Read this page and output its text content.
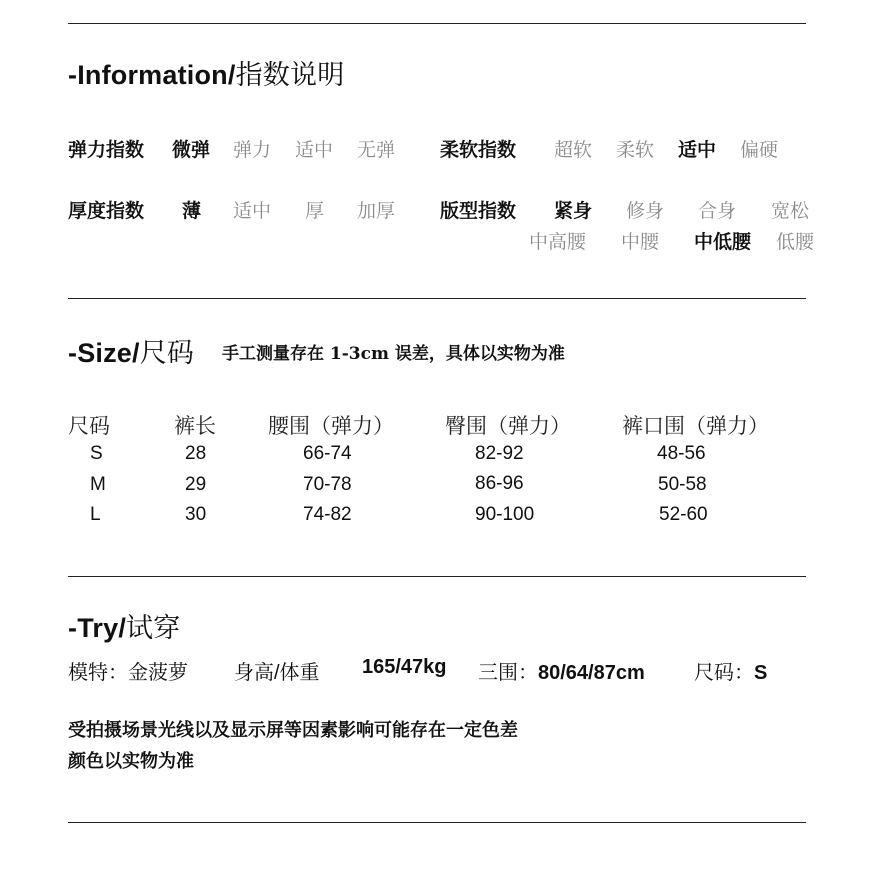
-Information/指数说明
弹力指数 微弹 弹力 适中 无弹 柔软指数 超软 柔软 适中 偏硬
厚度指数 薄 适中 厚 加厚 版型指数 紧身 修身 合身 宽松
中高腰 中腰 中低腰 低腰
-Size/尺码 手工测量存在 1-3cm 误差，具体以实物为准
尺码	裤长 腰围（弹力） 臀围（弹力） 裤口围（弹力）
S	28	66-74	82-92	48-56
M	29	70-78	86-96	50-58
L	30	74-82	90-100	52-60
-Try/试穿
模特：金菠萝 身高/体重 165/47kg 三围：80/64/87cm 尺码：S
受拍摄场景光线以及显示屏等因素影响可能存在一定色差
颜色以实物为准
